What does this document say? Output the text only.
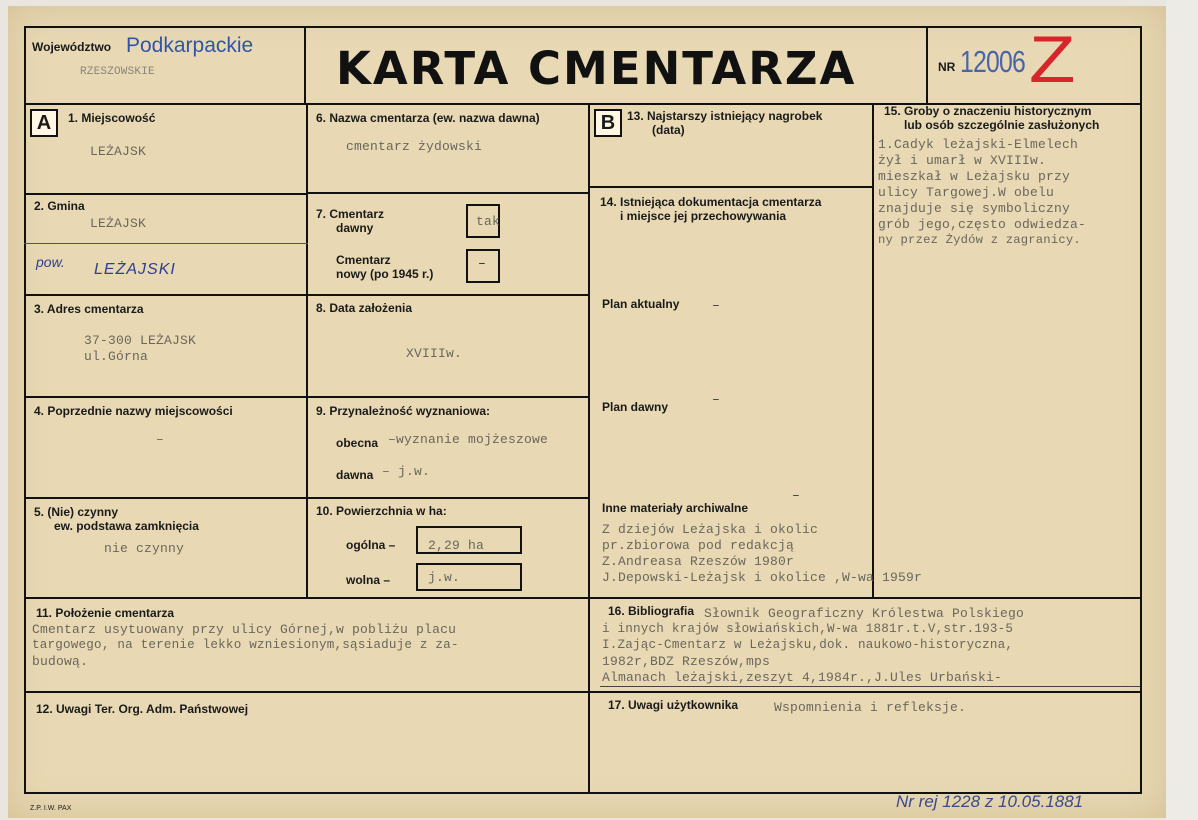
Województwo Podkarpackie
RZESZOWSKIE	KARTA CMENTARZA	NR 12006 Z
A	1. Miejscowość
LEŻAJSK
2. Gmina
LEŻAJSK
pow. LEŻAJSKI
3. Adres cmentarza
37-300 LEŻAJSK
ul.Górna
4. Poprzednie nazwy miejscowości
–
5. (Nie) czynny
ew. podstawa zamknięcia
nie czynny
6. Nazwa cmentarza (ew. nazwa dawna)
cmentarz żydowski
7. Cmentarz
dawny	tak
Cmentarz
nowy (po 1945 r.)
–
8. Data założenia
XVIIIw.
9. Przynależność wyznaniowa:
obecna –wyznanie mojżeszowe
dawna – j.w.
10. Powierzchnia w ha:
ogólna –	2,29 ha
wolna –	j.w.
B 13. Najstarszy istniejący nagrobek
(data)
14. Istniejąca dokumentacja cmentarza
i miejsce jej przechowywania
Plan aktualny	–
Plan dawny	–
Inne materiały archiwalne
–
Z dziejów Leżajska i okolic
pr.zbiorowa pod redakcją
Z.Andreasa Rzeszów 1980r
J.Depowski-Leżajsk i okolice ,W-wa 1959r
15. Groby o znaczeniu historycznym
lub osób szczególnie zasłużonych
1.Cadyk leżajski-Elmelech
żył i umarł w XVIIIw.
mieszkał w Leżajsku przy
ulicy Targowej.W obelu
znajduje się symboliczny
grób jego,często odwiedza-
ny przez Żydów z zagranicy.
11. Położenie cmentarza
Cmentarz usytuowany przy ulicy Górnej,w pobliżu placu
targowego, na terenie lekko wzniesionym,sąsiaduje z za-
budową.
16. Bibliografia Słownik Geograficzny Królestwa Polskiego
i innych krajów słowiańskich,W-wa 1881r.t.V,str.193-5
I.Zając-Cmentarz w Leżajsku,dok. naukowo-historyczna,
1982r,BDZ Rzeszów,mps
Almanach leżajski,zeszyt 4,1984r.,J.Ules Urbański-
12. Uwagi Ter. Org. Adm. Państwowej	17. Uwagi użytkownika	Wspomnienia i refleksje.
Z.P. I.W. PAX	Nr rej 1228 z 10.05.1881
